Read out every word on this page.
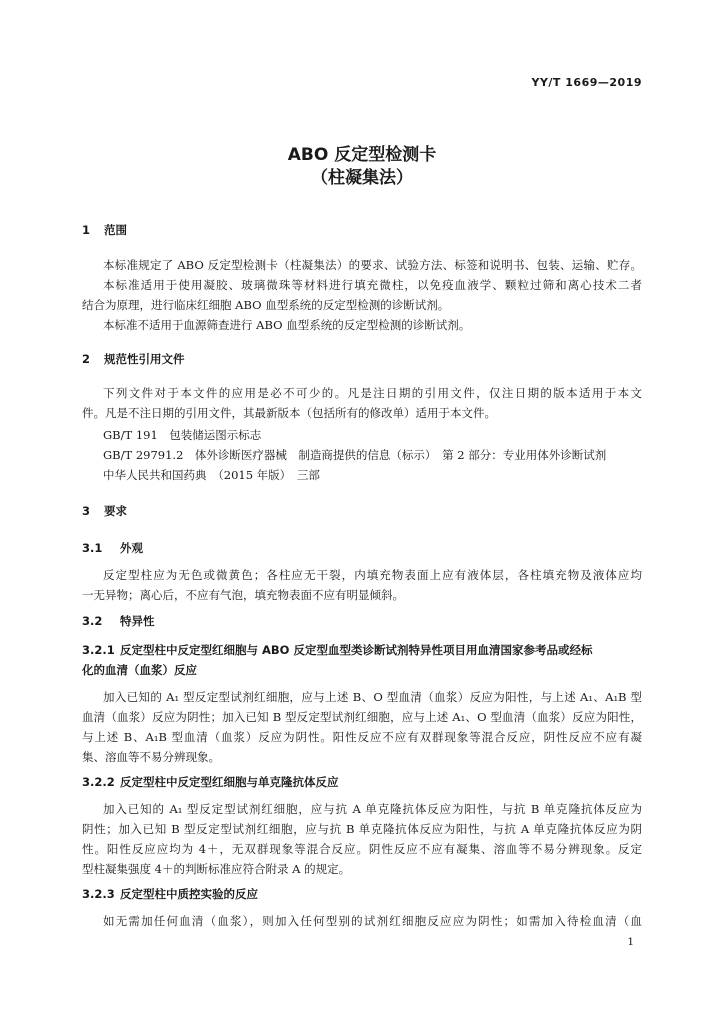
YY/T 1669—2019
ABO 反定型检测卡
（柱凝集法）
1 范围
本标准规定了 ABO 反定型检测卡（柱凝集法）的要求、试验方法、标签和说明书、包装、运输、贮存。
本标准适用于使用凝胶、玻璃微珠等材料进行填充微柱，以免疫血液学、颗粒过筛和离心技术二者
结合为原理，进行临床红细胞 ABO 血型系统的反定型检测的诊断试剂。
本标准不适用于血源筛查进行 ABO 血型系统的反定型检测的诊断试剂。
2 规范性引用文件
下列文件对于本文件的应用是必不可少的。凡是注日期的引用文件，仅注日期的版本适用于本文
件。凡是不注日期的引用文件，其最新版本（包括所有的修改单）适用于本文件。
GB/T 191　包装储运图示标志
GB/T 29791.2　体外诊断医疗器械　制造商提供的信息（标示）　第 2 部分：专业用体外诊断试剂
中华人民共和国药典　（2015 年版）　三部
3 要求
3.1 外观
反定型柱应为无色或微黄色；各柱应无干裂，内填充物表面上应有液体层，各柱填充物及液体应均
一无异物；离心后，不应有气泡，填充物表面不应有明显倾斜。
3.2 特异性
3.2.1 反定型柱中反定型红细胞与 ABO 反定型血型类诊断试剂特异性项目用血清国家参考品或经标
化的血清（血浆）反应
加入已知的 A₁ 型反定型试剂红细胞，应与上述 B、O 型血清（血浆）反应为阳性，与上述 A₁、A₁B 型
血清（血浆）反应为阴性；加入已知 B 型反定型试剂红细胞，应与上述 A₁、O 型血清（血浆）反应为阳性，
与上述 B、A₁B 型血清（血浆）反应为阴性。阳性反应不应有双群现象等混合反应，阴性反应不应有凝
集、溶血等不易分辨现象。
3.2.2 反定型柱中反定型红细胞与单克隆抗体反应
加入已知的 A₁ 型反定型试剂红细胞，应与抗 A 单克隆抗体反应为阳性，与抗 B 单克隆抗体反应为
阴性；加入已知 B 型反定型试剂红细胞，应与抗 B 单克隆抗体反应为阳性，与抗 A 单克隆抗体反应为阴
性。阳性反应应均为 4＋，无双群现象等混合反应。阴性反应不应有凝集、溶血等不易分辨现象。反定
型柱凝集强度 4＋的判断标准应符合附录 A 的规定。
3.2.3 反定型柱中质控实验的反应
如无需加任何血清（血浆），则加入任何型别的试剂红细胞反应应为阴性；如需加入待检血清（血
1
